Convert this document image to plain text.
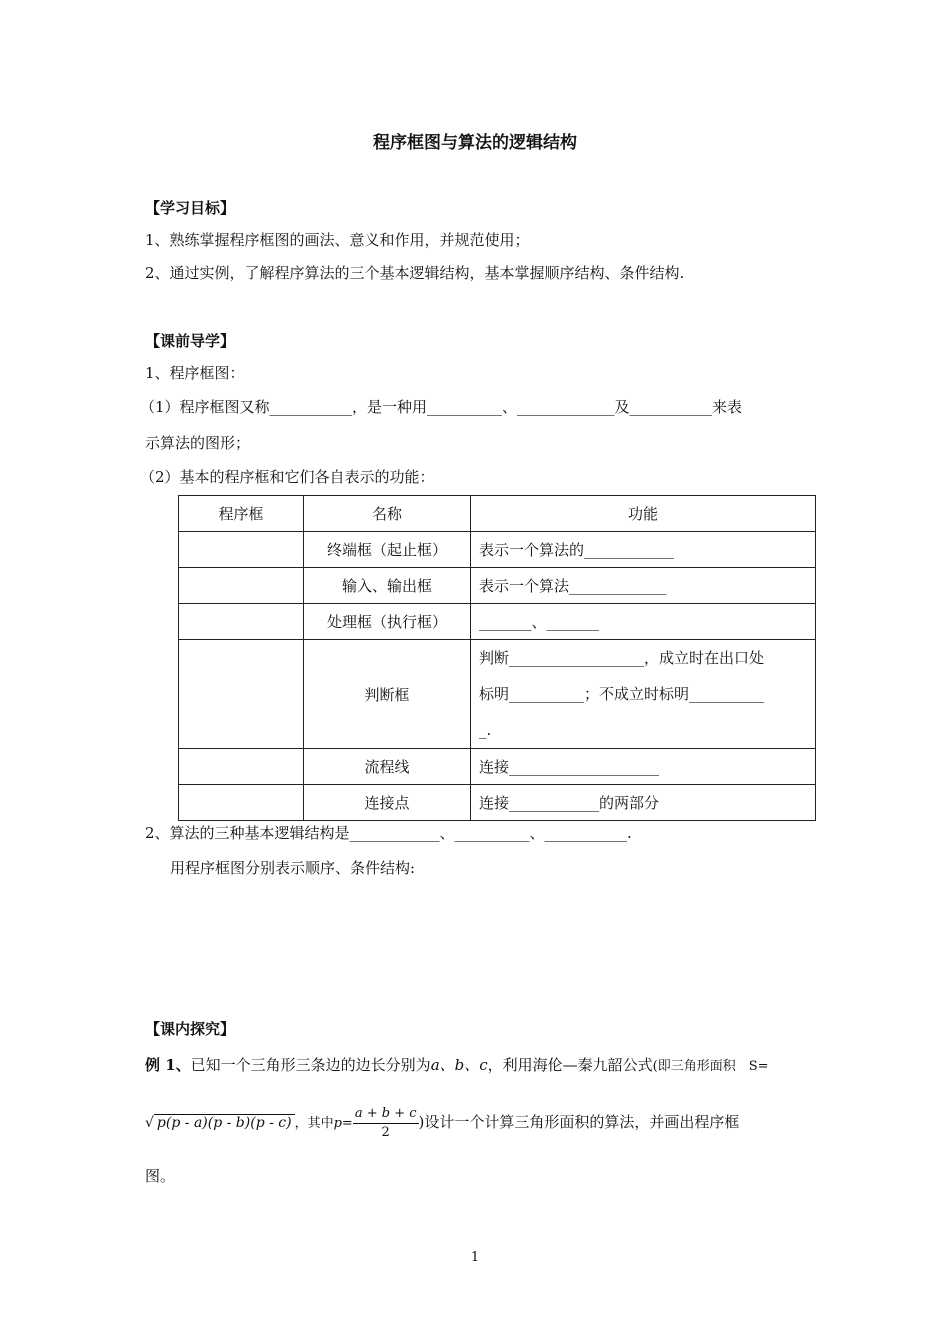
程序框图与算法的逻辑结构
【学习目标】
1、熟练掌握程序框图的画法、意义和作用，并规范使用；
2、通过实例，了解程序算法的三个基本逻辑结构，基本掌握顺序结构、条件结构.
【课前导学】
1、程序框图：
（1）程序框图又称___________，是一种用__________、_____________及___________来表
示算法的图形；
（2）基本的程序框和它们各自表示的功能：
程序框	名称	功能
	终端框（起止框）	表示一个算法的____________
	输入、输出框	表示一个算法_____________
	处理框（执行框）	_______、_______
	判断框	判断__________________，成立时在出口处
标明__________；不成立时标明__________
_.

	流程线	连接____________________
	连接点	连接____________的两部分
2、算法的三种基本逻辑结构是____________、__________、___________.
用程序框图分别表示顺序、条件结构:
【课内探究】
例 1、已知一个三角形三条边的边长分别为a、b、c，利用海伦—秦九韶公式(即三角形面积　S=
√ p(p - a)(p - b)(p - c) ，其中$p= \frac{a + b + c}{2}$ )设计一个计算三角形面积的算法，并画出程序框
图。
1
